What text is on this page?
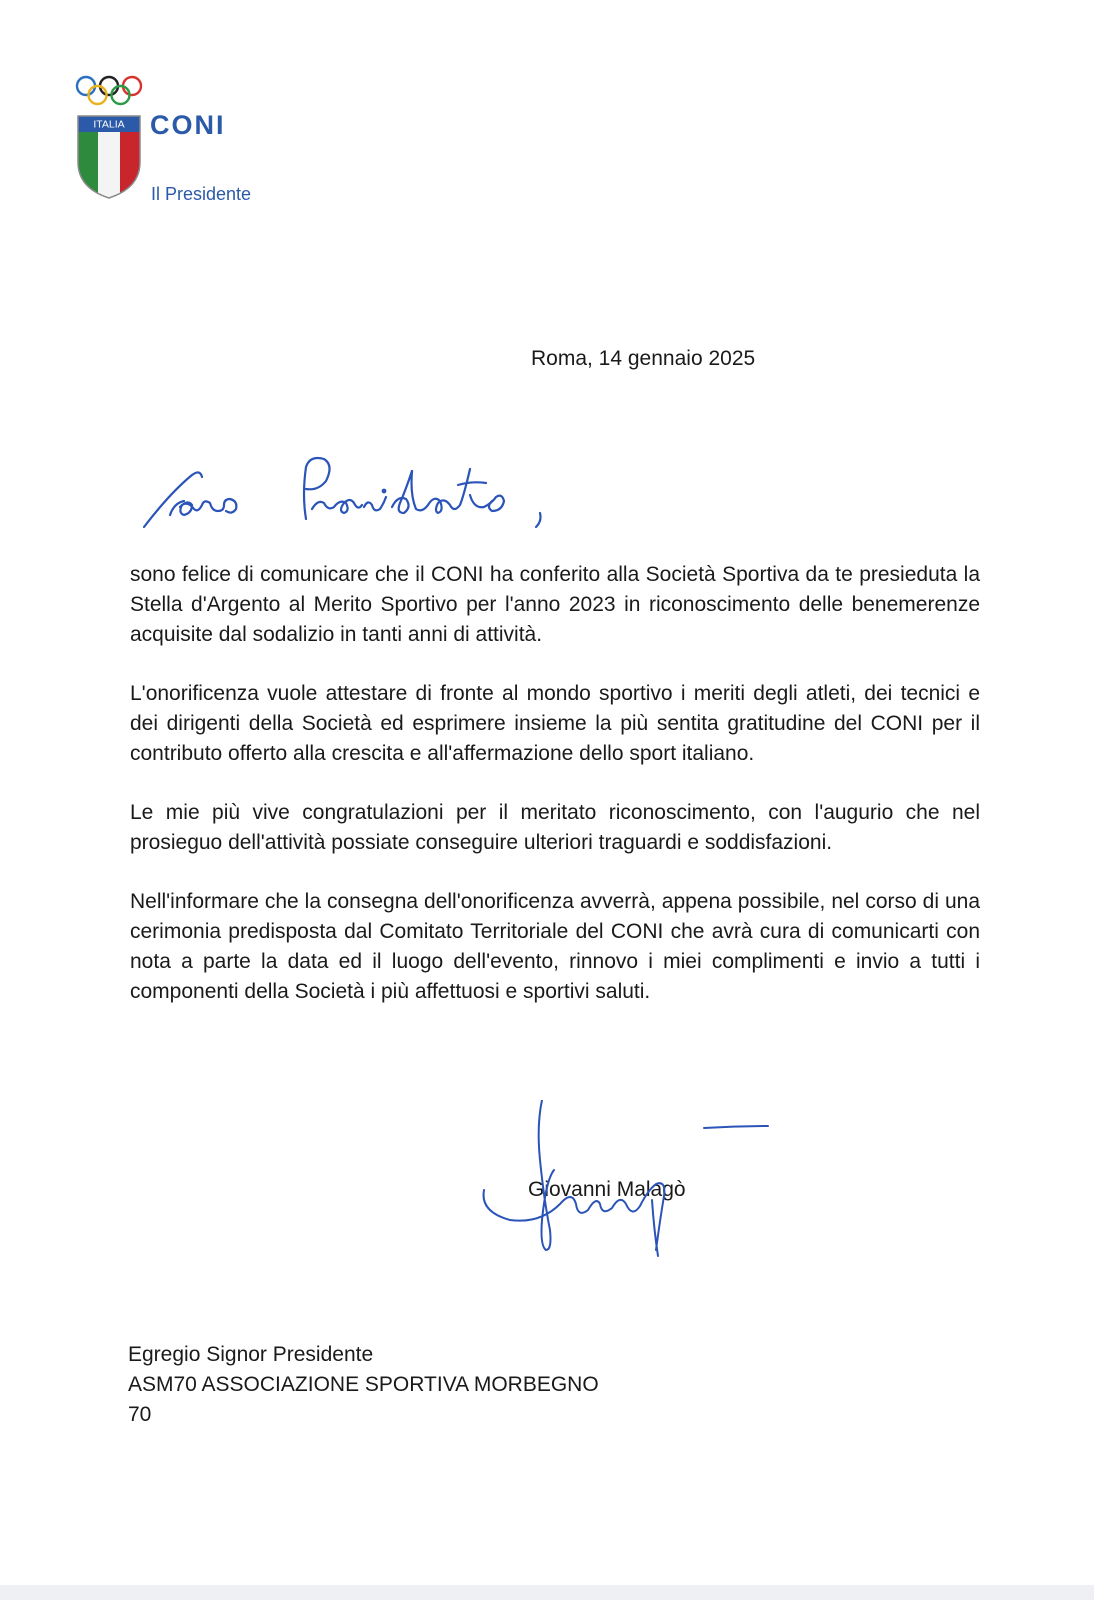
ITALIA CONI
Il Presidente
Roma, 14 gennaio 2025

sono felice di comunicare che il CONI ha conferito alla Società Sportiva da te presieduta la Stella d'Argento al Merito Sportivo per l'anno 2023 in riconoscimento delle benemerenze acquisite dal sodalizio in tanti anni di attività.

L'onorificenza vuole attestare di fronte al mondo sportivo i meriti degli atleti, dei tecnici e dei dirigenti della Società ed esprimere insieme la più sentita gratitudine del CONI per il contributo offerto alla crescita e all'affermazione dello sport italiano.

Le mie più vive congratulazioni per il meritato riconoscimento, con l'augurio che nel prosieguo dell'attività possiate conseguire ulteriori traguardi e soddisfazioni.

Nell'informare che la consegna dell'onorificenza avverrà, appena possibile, nel corso di una cerimonia predisposta dal Comitato Territoriale del CONI che avrà cura di comunicarti con nota a parte la data ed il luogo dell'evento, rinnovo i miei complimenti e invio a tutti i componenti della Società i più affettuosi e sportivi saluti.

Giovanni Malagò
Egregio Signor Presidente
ASM70 ASSOCIAZIONE SPORTIVA MORBEGNO
70
